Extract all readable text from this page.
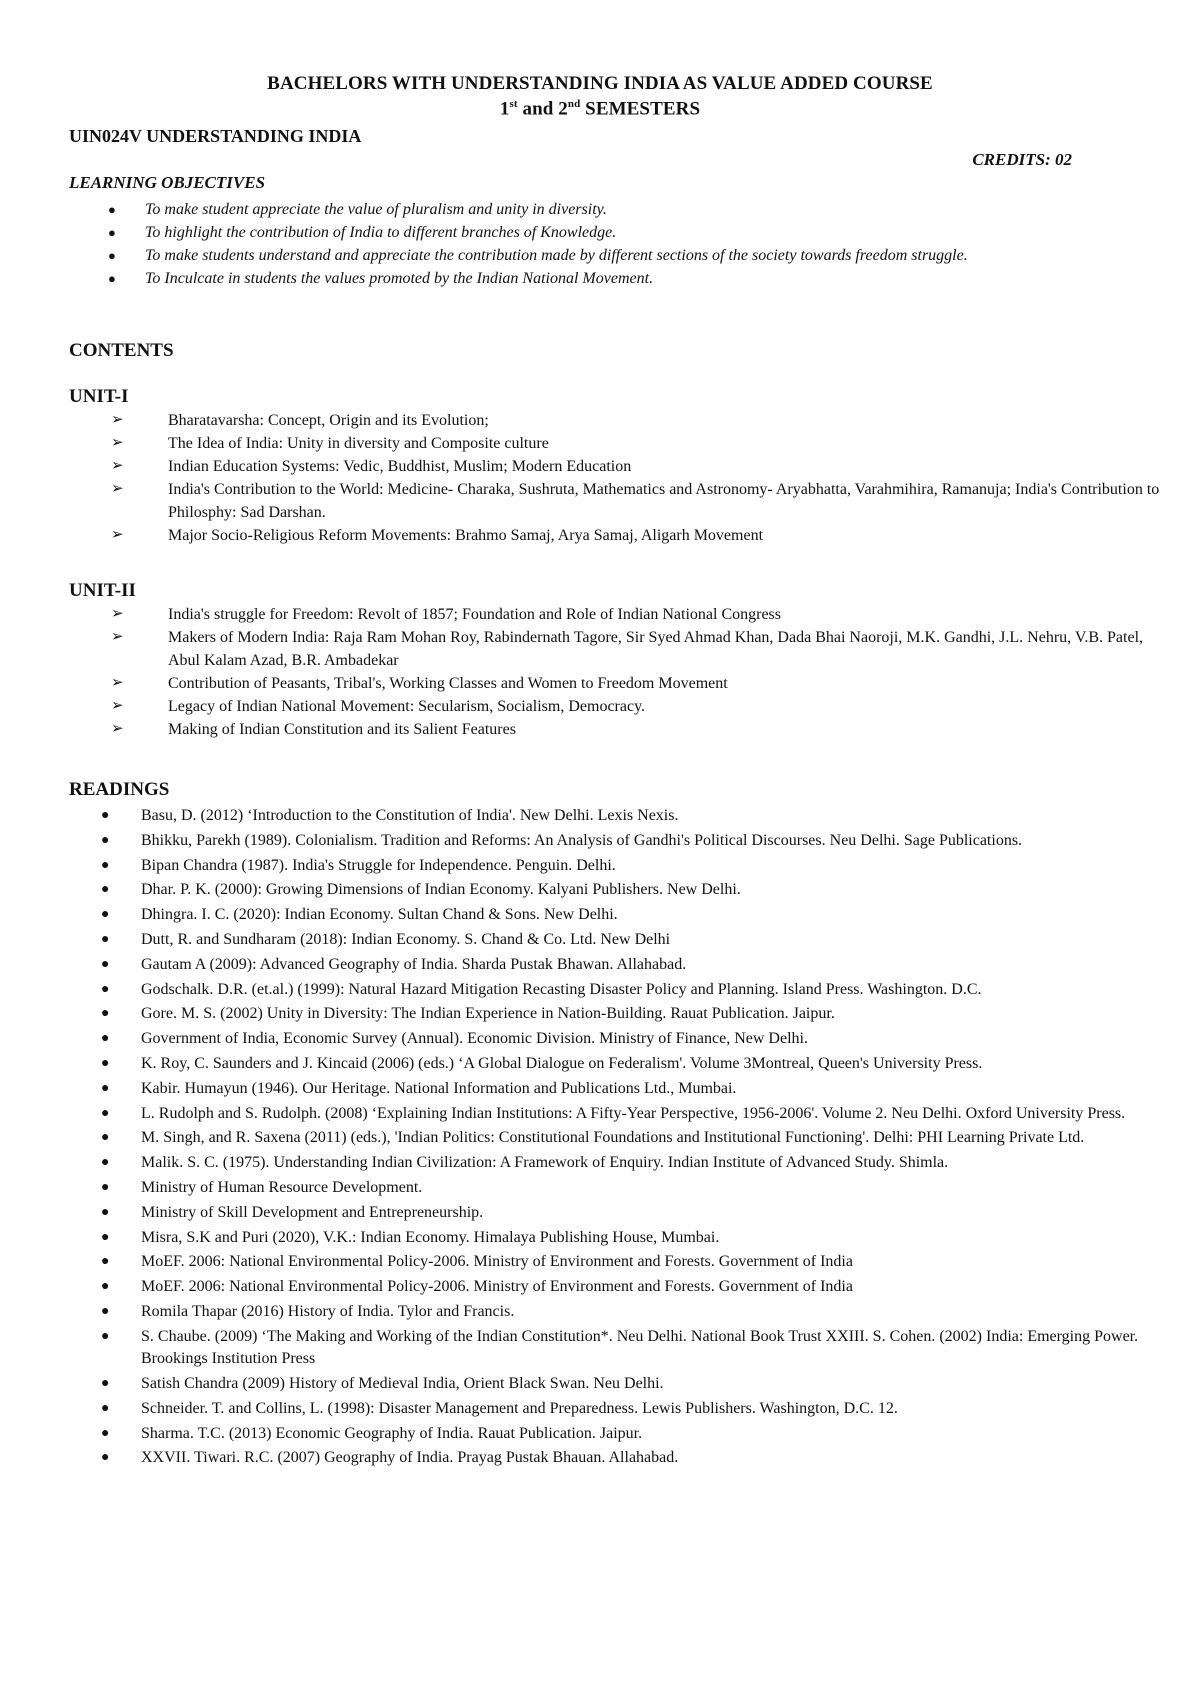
BACHELORS WITH UNDERSTANDING INDIA AS VALUE ADDED COURSE
1st and 2nd SEMESTERS
UIN024V UNDERSTANDING INDIA
CREDITS: 02
LEARNING OBJECTIVES
● To make student appreciate the value of pluralism and unity in diversity.
● To highlight the contribution of India to different branches of Knowledge.
● To make students understand and appreciate the contribution made by different sections of the society towards freedom struggle.
● To Inculcate in students the values promoted by the Indian National Movement.
CONTENTS
UNIT-I
➢	Bharatavarsha: Concept, Origin and its Evolution;
➢	The Idea of India: Unity in diversity and Composite culture
➢	Indian Education Systems: Vedic, Buddhist, Muslim; Modern Education
➢	India's Contribution to the World: Medicine- Charaka, Sushruta, Mathematics and Astronomy- Aryabhatta, Varahmihira, Ramanuja; India's Contribution to Philosphy: Sad Darshan.
➢	Major Socio-Religious Reform Movements: Brahmo Samaj, Arya Samaj, Aligarh Movement
UNIT-II
➢	India's struggle for Freedom: Revolt of 1857; Foundation and Role of Indian National Congress
➢	Makers of Modern India: Raja Ram Mohan Roy, Rabindernath Tagore, Sir Syed Ahmad Khan, Dada Bhai Naoroji, M.K. Gandhi, J.L. Nehru, V.B. Patel, Abul Kalam Azad, B.R. Ambadekar
➢	Contribution of Peasants, Tribal's, Working Classes and Women to Freedom Movement
➢	Legacy of Indian National Movement: Secularism, Socialism, Democracy.
➢	Making of Indian Constitution and its Salient Features
READINGS
● Basu, D. (2012) ‘Introduction to the Constitution of India'. New Delhi. Lexis Nexis.
● Bhikku, Parekh (1989). Colonialism. Tradition and Reforms: An Analysis of Gandhi's Political Discourses. Neu Delhi. Sage Publications.
● Bipan Chandra (1987). India's Struggle for Independence. Penguin. Delhi.
● Dhar. P. K. (2000): Growing Dimensions of Indian Economy. Kalyani Publishers. New Delhi.
● Dhingra. I. C. (2020): Indian Economy. Sultan Chand & Sons. New Delhi.
● Dutt, R. and Sundharam (2018): Indian Economy. S. Chand & Co. Ltd. New Delhi
● Gautam A (2009): Advanced Geography of India. Sharda Pustak Bhawan. Allahabad.
● Godschalk. D.R. (et.al.) (1999): Natural Hazard Mitigation Recasting Disaster Policy and Planning. Island Press. Washington. D.C.
● Gore. M. S. (2002) Unity in Diversity: The Indian Experience in Nation-Building. Rauat Publication. Jaipur.
● Government of India, Economic Survey (Annual). Economic Division. Ministry of Finance, New Delhi.
● K. Roy, C. Saunders and J. Kincaid (2006) (eds.) ‘A Global Dialogue on Federalism'. Volume 3Montreal, Queen's University Press.
● Kabir. Humayun (1946). Our Heritage. National Information and Publications Ltd., Mumbai.
● L. Rudolph and S. Rudolph. (2008) ‘Explaining Indian Institutions: A Fifty-Year Perspective, 1956-2006'. Volume 2. Neu Delhi. Oxford University Press.
● M. Singh, and R. Saxena (2011) (eds.), 'Indian Politics: Constitutional Foundations and Institutional Functioning'. Delhi: PHI Learning Private Ltd.
● Malik. S. C. (1975). Understanding Indian Civilization: A Framework of Enquiry. Indian Institute of Advanced Study. Shimla.
● Ministry of Human Resource Development.
● Ministry of Skill Development and Entrepreneurship.
● Misra, S.K and Puri (2020), V.K.: Indian Economy. Himalaya Publishing House, Mumbai.
● MoEF. 2006: National Environmental Policy-2006. Ministry of Environment and Forests. Government of India
● MoEF. 2006: National Environmental Policy-2006. Ministry of Environment and Forests. Government of India
● Romila Thapar (2016) History of India. Tylor and Francis.
● S. Chaube. (2009) ‘The Making and Working of the Indian Constitution*. Neu Delhi. National Book Trust XXIII. S. Cohen. (2002) India: Emerging Power. Brookings Institution Press
● Satish Chandra (2009) History of Medieval India, Orient Black Swan. Neu Delhi.
● Schneider. T. and Collins, L. (1998): Disaster Management and Preparedness. Lewis Publishers. Washington, D.C. 12.
● Sharma. T.C. (2013) Economic Geography of India. Rauat Publication. Jaipur.
● XXVII. Tiwari. R.C. (2007) Geography of India. Prayag Pustak Bhauan. Allahabad.
